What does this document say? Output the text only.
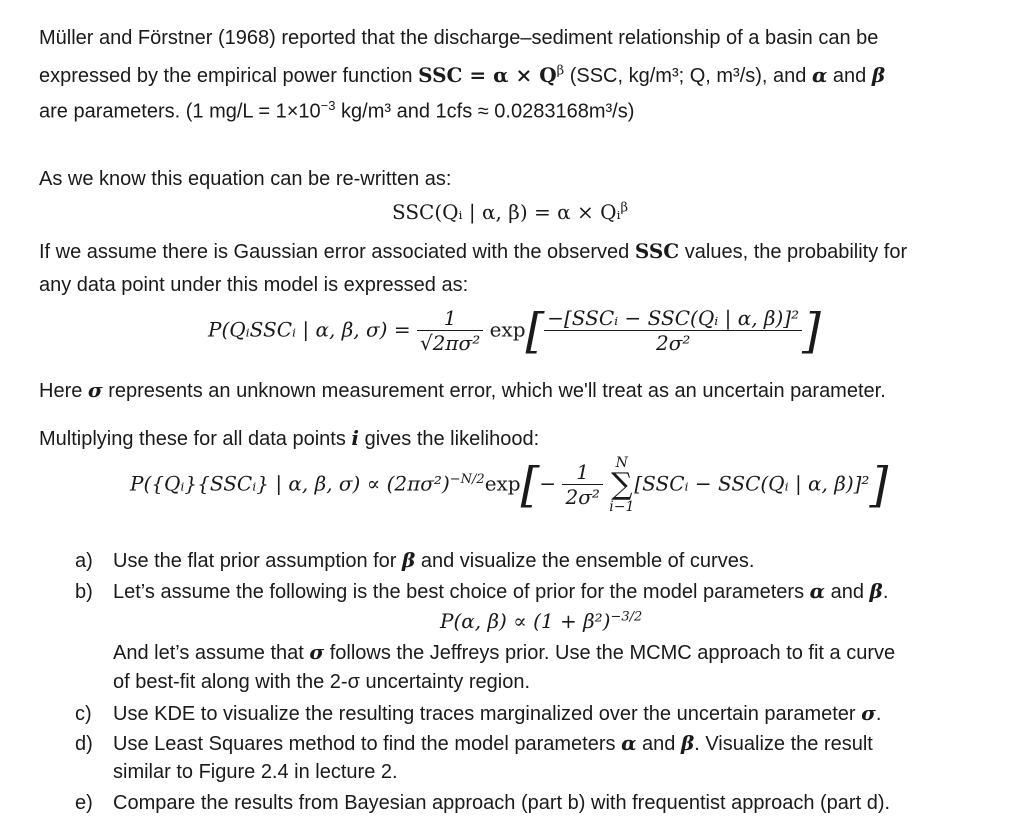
Müller and Förstner (1968) reported that the discharge–sediment relationship of a basin can be
expressed by the empirical power function SSC = $\alpha \times Q^\beta$ (SSC, kg/m³; Q, m³/s), and α and β
are parameters. (1 $mg/L = 1\times 10^{-3}$ kg/m³ and 1cfs ≈ 0.0283168m³/s)
As we know this equation can be re-written as:
SSC(Qᵢ | α, β) = α × Qᵢ$^\beta$
If we assume there is Gaussian error associated with the observed SSC values, the probability for
any data point under this model is expressed as:
P(QᵢSSCᵢ | α, β, $\sigma) = \frac{1}{\text{√2πσ²}} \exp[ \frac{\text{−[SSCᵢ − SSC(Qᵢ | α, β)]²}}{\text{2σ²}}$ ]
Here σ represents an unknown measurement error, which we'll treat as an uncertain parameter.
Multiplying these for all data points i gives the likelihood:
P({Qᵢ}{SSCᵢ} | α, β, $\sigma) \propto (2\pi\sigma^2)^{-N/2}\exp[- \frac{1}{\text{2σ²}}$
N
∑
i−1
[SSCᵢ − SSC(Qᵢ | α, β)]²]
a) Use the flat prior assumption for β and visualize the ensemble of curves.
b) Let’s assume the following is the best choice of prior for the model parameters α and β.
P(α, $\beta) \propto (1 + \beta^2)^{-3/2}$
And let’s assume that σ follows the Jeffreys prior. Use the MCMC approach to fit a curve
of best-fit along with the 2-σ uncertainty region.
c) Use KDE to visualize the resulting traces marginalized over the uncertain parameter σ.
d) Use Least Squares method to find the model parameters α and β. Visualize the result
similar to Figure 2.4 in lecture 2.
e) Compare the results from Bayesian approach (part b) with frequentist approach (part d).
